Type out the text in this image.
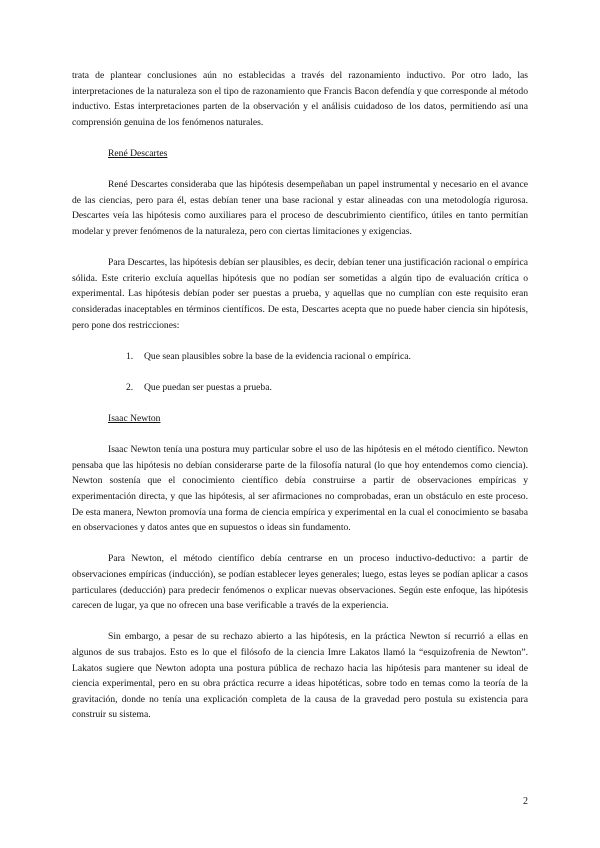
trata de plantear conclusiones aún no establecidas a través del razonamiento inductivo. Por otro lado, las interpretaciones de la naturaleza son el tipo de razonamiento que Francis Bacon defendía y que corresponde al método inductivo. Estas interpretaciones parten de la observación y el análisis cuidadoso de los datos, permitiendo así una comprensión genuina de los fenómenos naturales.

René Descartes

René Descartes consideraba que las hipótesis desempeñaban un papel instrumental y necesario en el avance de las ciencias, pero para él, estas debían tener una base racional y estar alineadas con una metodología rigurosa. Descartes veía las hipótesis como auxiliares para el proceso de descubrimiento científico, útiles en tanto permitían modelar y prever fenómenos de la naturaleza, pero con ciertas limitaciones y exigencias.

Para Descartes, las hipótesis debían ser plausibles, es decir, debían tener una justificación racional o empírica sólida. Este criterio excluía aquellas hipótesis que no podían ser sometidas a algún tipo de evaluación crítica o experimental. Las hipótesis debían poder ser puestas a prueba, y aquellas que no cumplían con este requisito eran consideradas inaceptables en términos científicos. De esta, Descartes acepta que no puede haber ciencia sin hipótesis, pero pone dos restricciones:

1.	Que sean plausibles sobre la base de la evidencia racional o empírica.
2.	Que puedan ser puestas a prueba.

Isaac Newton

Isaac Newton tenía una postura muy particular sobre el uso de las hipótesis en el método científico. Newton pensaba que las hipótesis no debían considerarse parte de la filosofía natural (lo que hoy entendemos como ciencia). Newton sostenía que el conocimiento científico debía construirse a partir de observaciones empíricas y experimentación directa, y que las hipótesis, al ser afirmaciones no comprobadas, eran un obstáculo en este proceso. De esta manera, Newton promovía una forma de ciencia empírica y experimental en la cual el conocimiento se basaba en observaciones y datos antes que en supuestos o ideas sin fundamento.

Para Newton, el método científico debía centrarse en un proceso inductivo-deductivo: a partir de observaciones empíricas (inducción), se podían establecer leyes generales; luego, estas leyes se podían aplicar a casos particulares (deducción) para predecir fenómenos o explicar nuevas observaciones. Según este enfoque, las hipótesis carecen de lugar, ya que no ofrecen una base verificable a través de la experiencia.

Sin embargo, a pesar de su rechazo abierto a las hipótesis, en la práctica Newton sí recurrió a ellas en algunos de sus trabajos. Esto es lo que el filósofo de la ciencia Imre Lakatos llamó la “esquizofrenia de Newton”. Lakatos sugiere que Newton adopta una postura pública de rechazo hacia las hipótesis para mantener su ideal de ciencia experimental, pero en su obra práctica recurre a ideas hipotéticas, sobre todo en temas como la teoría de la gravitación, donde no tenía una explicación completa de la causa de la gravedad pero postula su existencia para construir su sistema.

2
